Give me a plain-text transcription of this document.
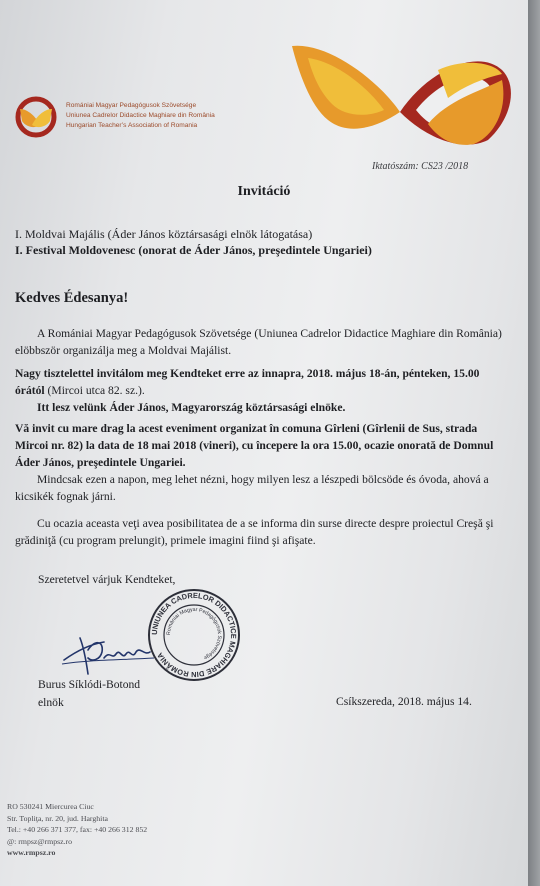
Romániai Magyar Pedagógusok Szövetsége
Uniunea Cadrelor Didactice Maghiare din România
Hungarian Teacher’s Association of Romania
Iktatószám: CS23 /2018
Invitáció
I. Moldvai Majális (Áder János köztársasági elnök látogatása)
I. Festival Moldovenesc (onorat de Áder János, preşedintele Ungariei)
Kedves Édesanya!

A Romániai Magyar Pedagógusok Szövetsége (Uniunea Cadrelor Didactice Maghiare din România) elöbbször organizálja meg a Moldvai Majálist.

Nagy tisztelettel invitálom meg Kendteket erre az innapra, 2018. május 18-án, pénteken, 15.00 órától (Mircoi utca 82. sz.).
Itt lesz velünk Áder János, Magyarország köztársasági elnöke.

Vă invit cu mare drag la acest eveniment organizat în comuna Gîrleni (Gîrlenii de Sus, strada Mircoi nr. 82) la data de 18 mai 2018 (vineri), cu începere la ora 15.00, ocazie onorată de Domnul Áder János, preşedintele Ungariei.

Mindcsak ezen a napon, meg lehet nézni, hogy milyen lesz a lészpedi bölcsöde és óvoda, ahová a kicsikék fognak járni.

Cu ocazia aceasta veţi avea posibilitatea de a se informa din surse directe despre proiectul Creşă şi grădiniţă (cu program prelungit), primele imagini fiind şi afişate.

Szeretetvel várjuk Kendteket,
UNIUNEA CADRELOR DIDACTICE MAGHIARE DIN ROMÂNIA
Romániai Magyar Pedagógusok Szövetsége
Burus Síklódi-Botond
elnök	Csíkszereda, 2018. május 14.
RO 530241 Miercurea Ciuc
Str. Topliţa, nr. 20, jud. Harghita
Tel.: +40 266 371 377, fax: +40 266 312 852
@: rmpsz@rmpsz.ro
www.rmpsz.ro
